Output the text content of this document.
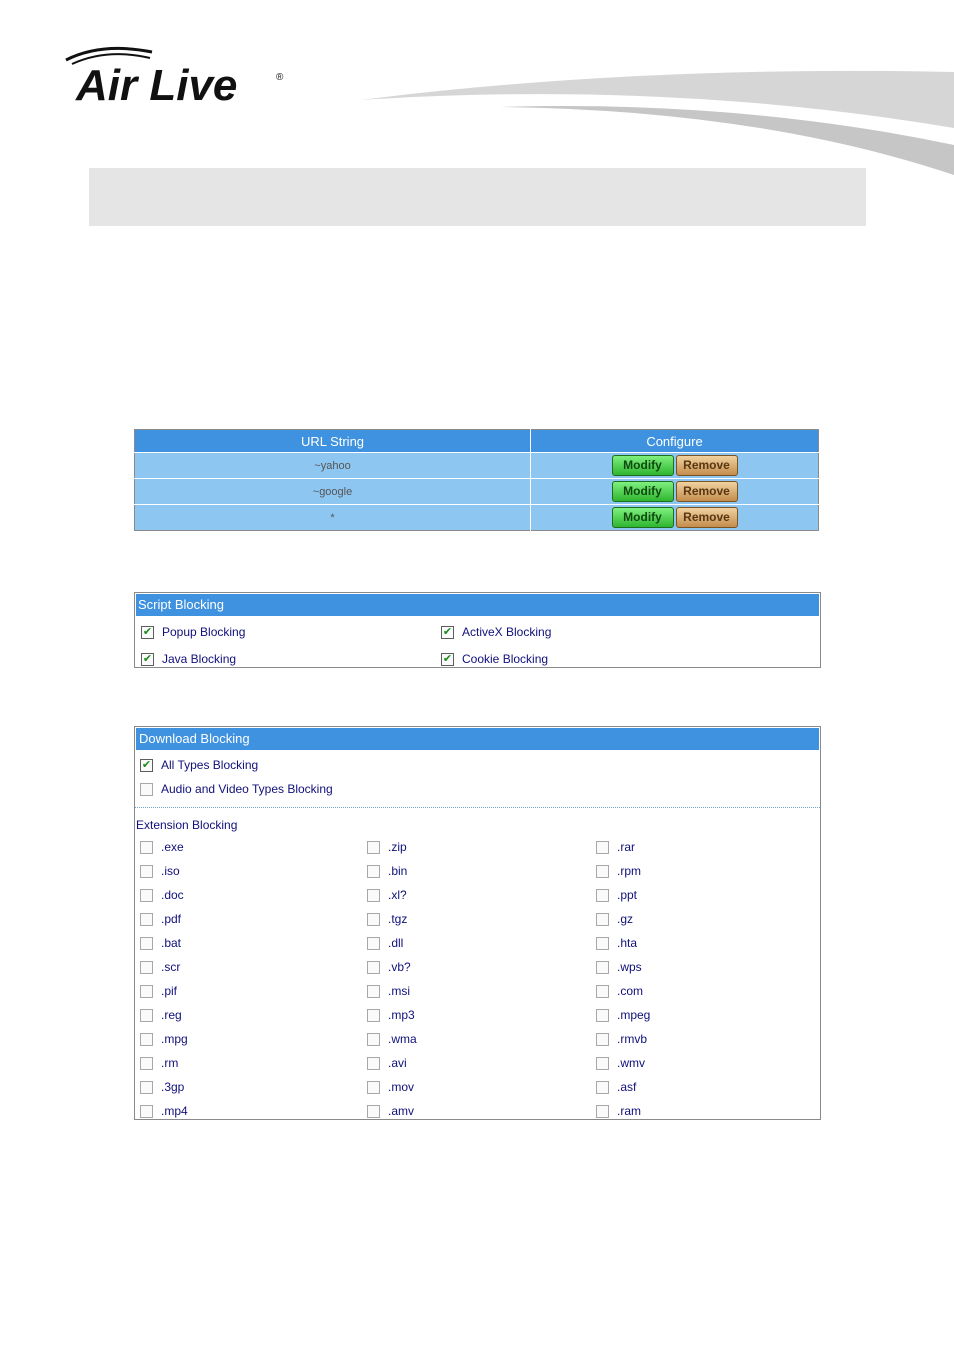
Air Live	®
URL String	Configure
~yahoo	Modify Remove
~google	Modify Remove
*	Modify Remove
Script Blocking
✔ Popup Blocking	✔ ActiveX Blocking
✔ Java Blocking	✔ Cookie Blocking
Download Blocking
✔ All Types Blocking
Audio and Video Types Blocking
Extension Blocking
.exe	.zip	.rar
.iso	.bin	.rpm
.doc	.xl?	.ppt
.pdf	.tgz	.gz
.bat	.dll	.hta
.scr	.vb?	.wps
.pif	.msi	.com
.reg	.mp3	.mpeg
.mpg	.wma	.rmvb
.rm	.avi	.wmv
.3gp	.mov	.asf
.mp4	.amv	.ram
